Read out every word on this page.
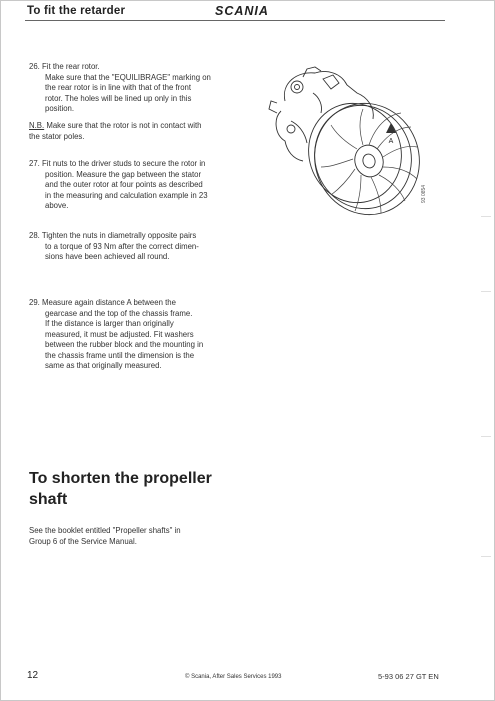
To fit the retarder	SCANIA
26. Fit the rear rotor.
Make sure that the "EQUILIBRAGE" marking on
the rear rotor is in line with that of the front
rotor. The holes will be lined up only in this
position.
N.B. Make sure that the rotor is not in contact with
the stator poles.
27. Fit nuts to the driver studs to secure the rotor in
position. Measure the gap between the stator
and the outer rotor at four points as described
in the measuring and calculation example in 23
above.
28. Tighten the nuts in diametrally opposite pairs
to a torque of 93 Nm after the correct dimen-
sions have been achieved all round.
29. Measure again distance A between the
gearcase and the top of the chassis frame.
If the distance is larger than originally
measured, it must be adjusted. Fit washers
between the rubber block and the mounting in
the chassis frame until the dimension is the
same as that originally measured.
To shorten the propeller
shaft
See the booklet entitled "Propeller shafts" in
Group 6 of the Service Manual.
A
93 0854
12	© Scania, After Sales Services 1993	5-93 06 27 GT EN
